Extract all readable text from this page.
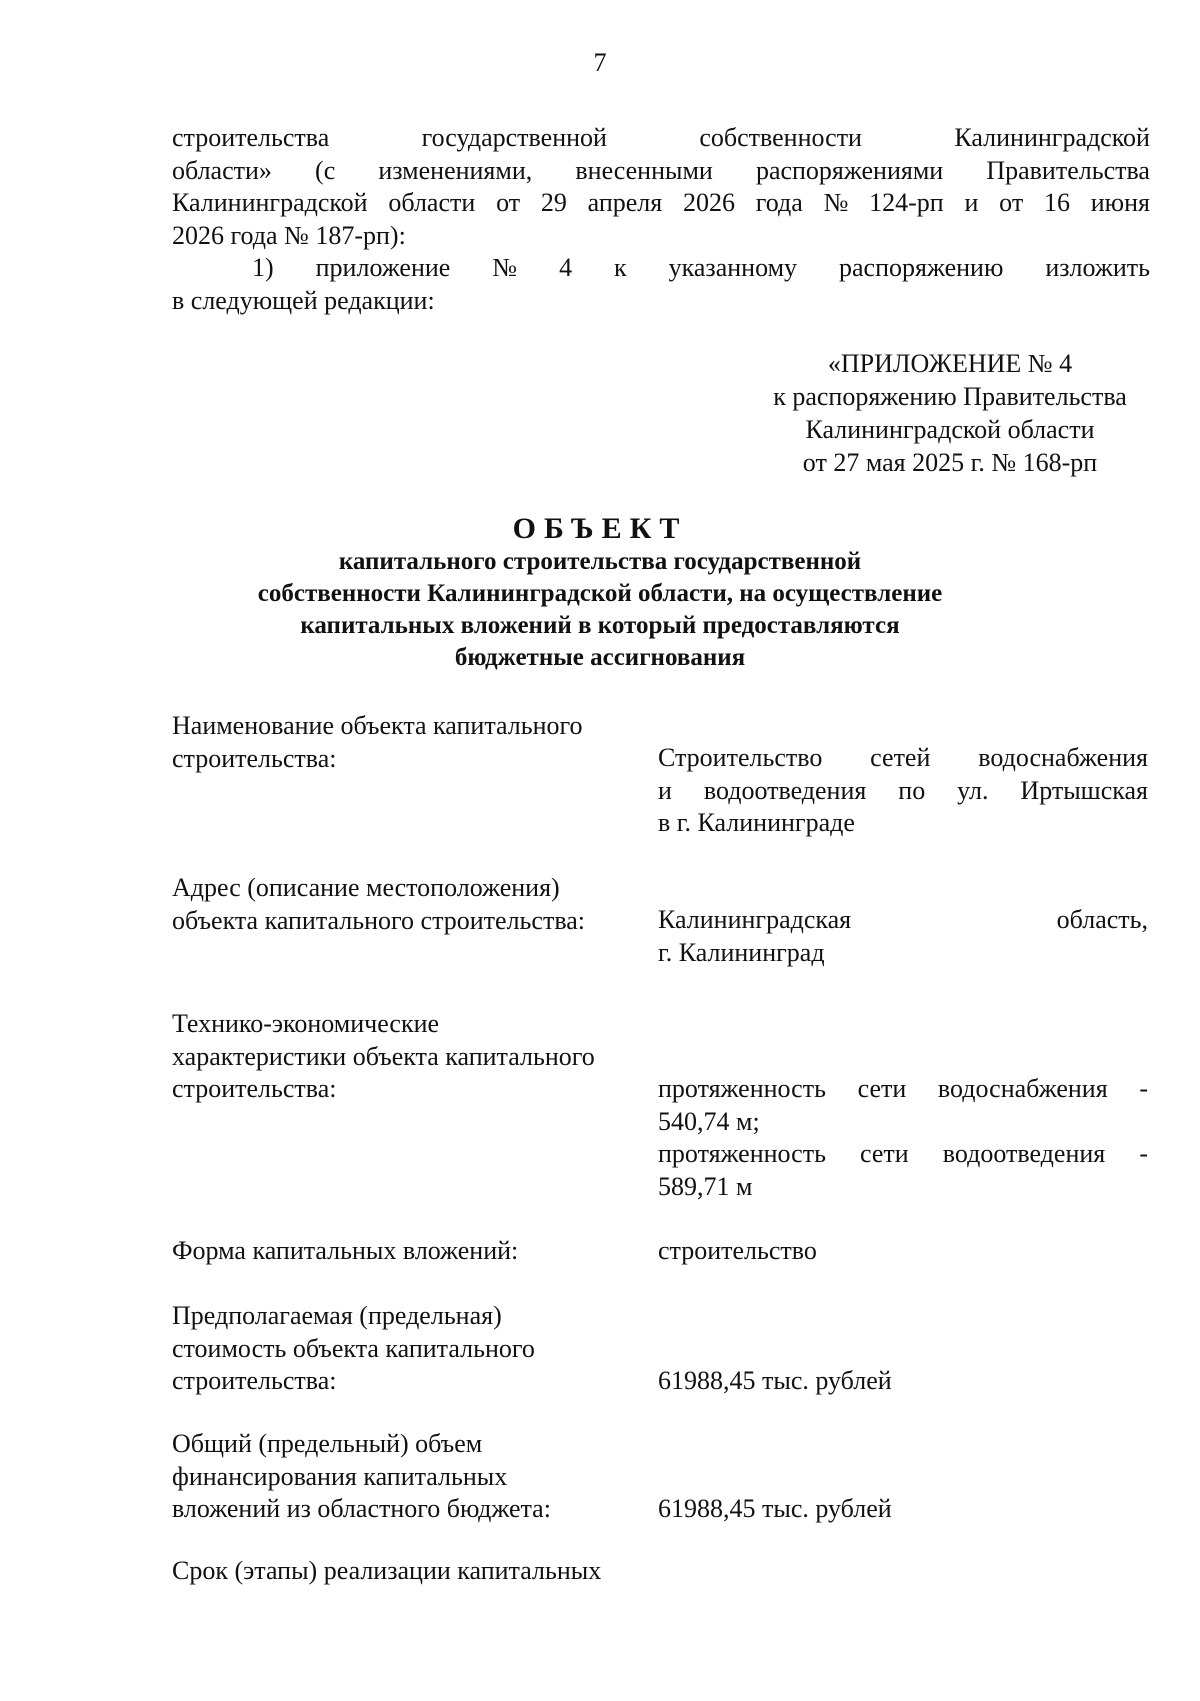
7
строительства	государственной	собственности	Калининградской
области» (с изменениями, внесенными распоряжениями Правительства
Калининградской области от 29 апреля 2026 года № 124-рп и от 16 июня
2026 года № 187-рп):
1) приложение № 4 к указанному распоряжению изложить
в следующей редакции:
«ПРИЛОЖЕНИЕ № 4
к распоряжению Правительства
Калининградской области
от 27 мая 2025 г. № 168-рп
ОБЪЕКТ
капитального строительства государственной
собственности Калининградской области, на осуществление
капитальных вложений в который предоставляются
бюджетные ассигнования
Наименование объекта капитального
строительства:	Строительство сетей водоснабжения
и водоотведения по ул. Иртышская
в г. Калининграде
Адрес (описание местоположения)
объекта капитального строительства:	Калининградская	область,
г. Калининград
Технико-экономические
характеристики объекта капитального
строительства:	протяженность сети водоснабжения -
540,74 м;
протяженность сети водоотведения -
589,71 м
Форма капитальных вложений:	строительство
Предполагаемая (предельная)
стоимость объекта капитального
строительства:	61988,45 тыс. рублей
Общий (предельный) объем
финансирования капитальных
вложений из областного бюджета:	61988,45 тыс. рублей
Срок (этапы) реализации капитальных
